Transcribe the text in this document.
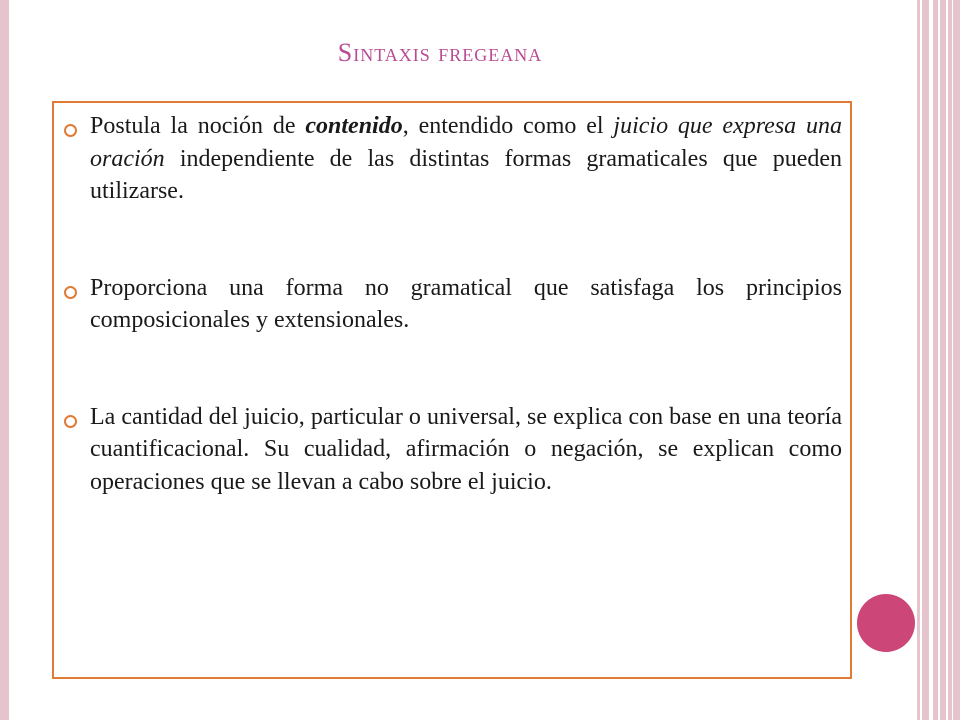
Sintaxis fregeana

Postula la noción de contenido, entendido como el juicio que expresa una oración independiente de las distintas formas gramaticales que pueden utilizarse.

Proporciona una forma no gramatical que satisfaga los principios composicionales y extensionales.

La cantidad del juicio, particular o universal, se explica con base en una teoría cuantificacional. Su cualidad, afirmación o negación, se explican como operaciones que se llevan a cabo sobre el juicio.
